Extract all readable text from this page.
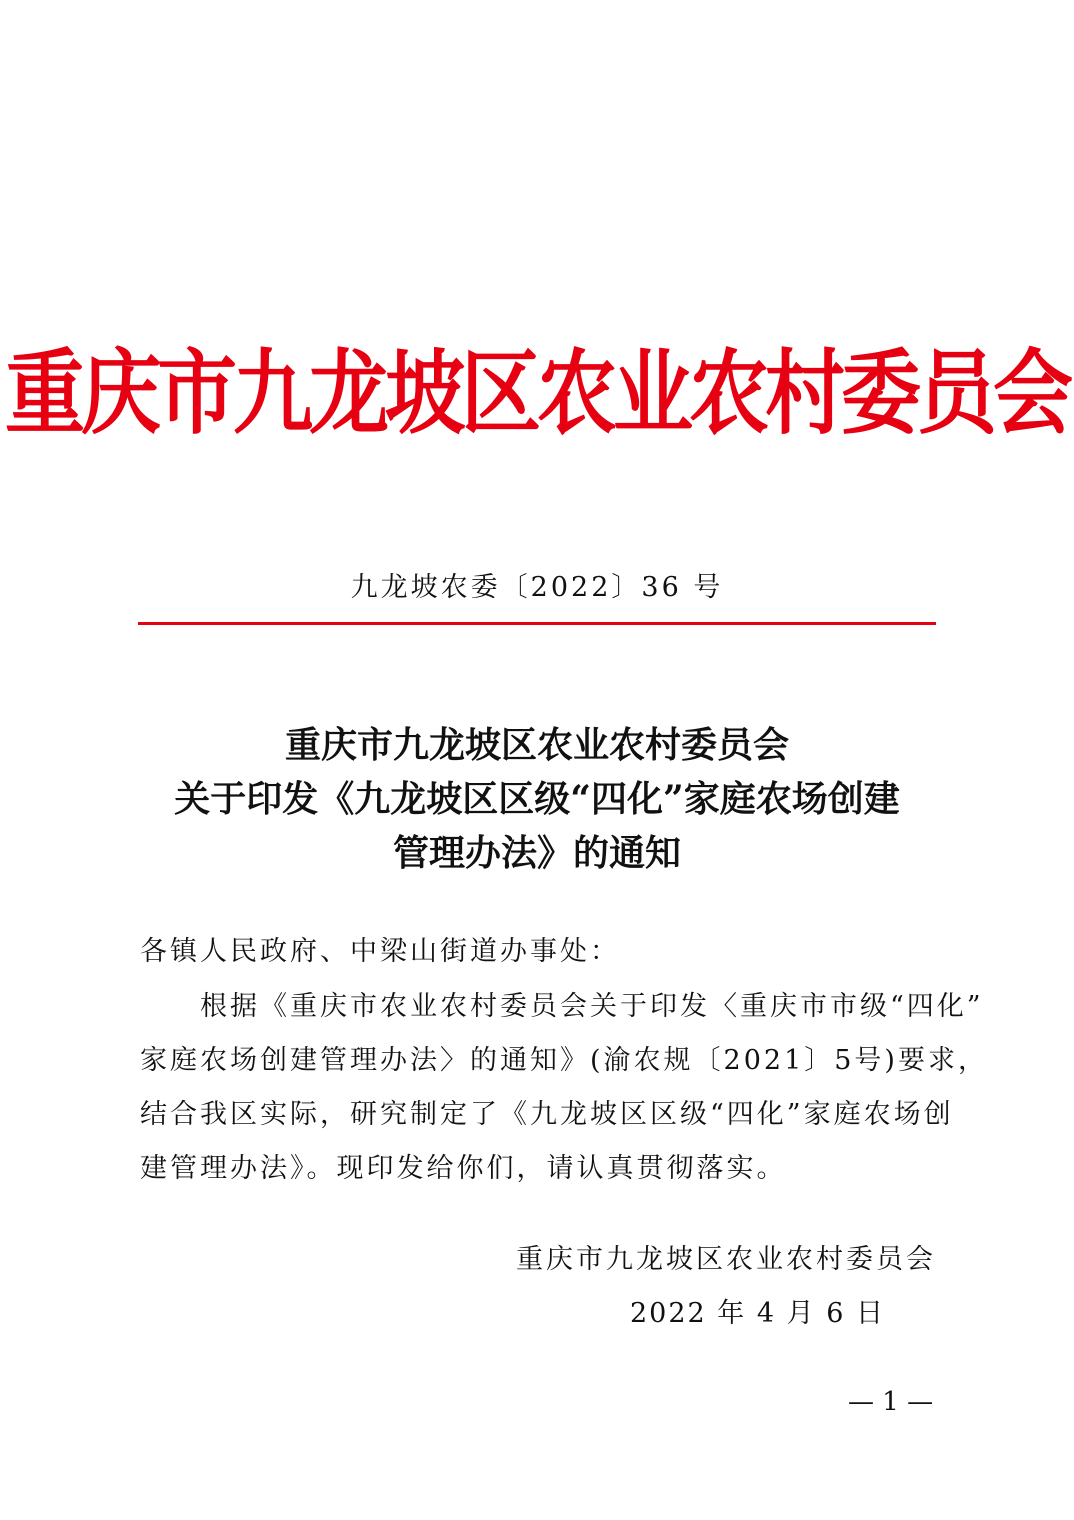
重庆市九龙坡区农业农村委员会
九龙坡农委〔2022〕36 号
重庆市九龙坡区农业农村委员会
关于印发《九龙坡区区级“四化”家庭农场创建
管理办法》的通知
各镇人民政府、中梁山街道办事处：
根据《重庆市农业农村委员会关于印发〈重庆市市级“四化”
家庭农场创建管理办法〉的通知》(渝农规〔2021〕5号)要求，
结合我区实际，研究制定了《九龙坡区区级“四化”家庭农场创
建管理办法》。现印发给你们，请认真贯彻落实。
重庆市九龙坡区农业农村委员会
2022 年 4 月 6 日
— 1 —
